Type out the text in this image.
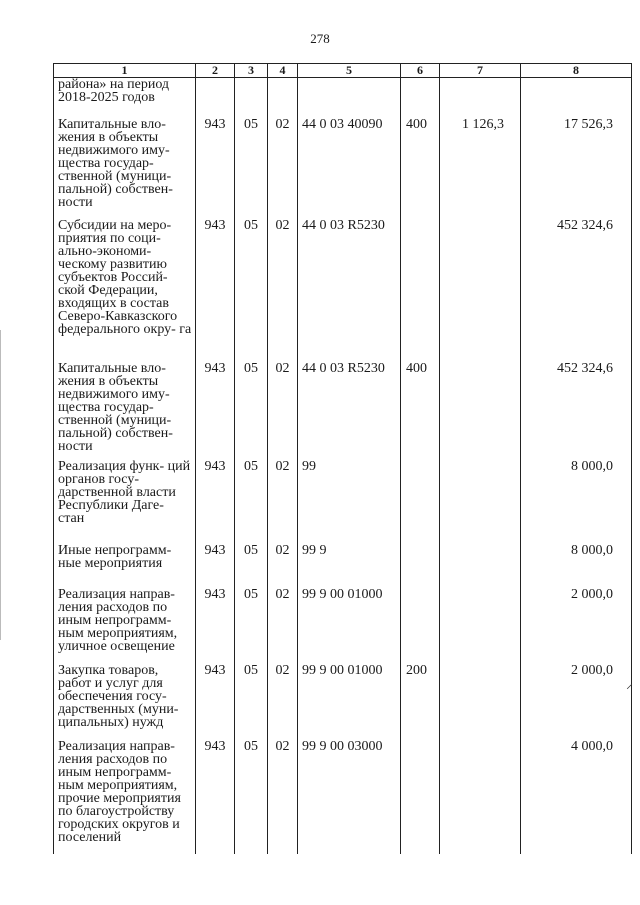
278
1	2	3	4	5	6	7	8
района» на период 2018-2025 годов							
Капитальные вло- жения в объекты недвижимого иму- щества государ- ственной (муници- пальной) собствен- ности	943	05	02	44 0 03 40090	400	1 126,3	17 526,3
Субсидии на меро- приятия по соци- ально-экономи- ческому развитию субъектов Россий- ской Федерации, входящих в состав Северо-Кавказского федерального окру- га	943	05	02	44 0 03 R5230			452 324,6
Капитальные вло- жения в объекты недвижимого иму- щества государ- ственной (муници- пальной) собствен- ности	943	05	02	44 0 03 R5230	400		452 324,6
Реализация функ- ций органов госу- дарственной власти Республики Даге- стан	943	05	02	99			8 000,0
Иные непрограмм- ные мероприятия	943	05	02	99 9			8 000,0
Реализация направ- ления расходов по иным непрограмм- ным мероприятиям, уличное освещение	943	05	02	99 9 00 01000			2 000,0
Закупка товаров, работ и услуг для обеспечения госу- дарственных (муни- ципальных) нужд	943	05	02	99 9 00 01000	200		2 000,0
Реализация направ- ления расходов по иным непрограмм- ным мероприятиям, прочие мероприятия по благоустройству городских округов и поселений	943	05	02	99 9 00 03000			4 000,0
⸝
